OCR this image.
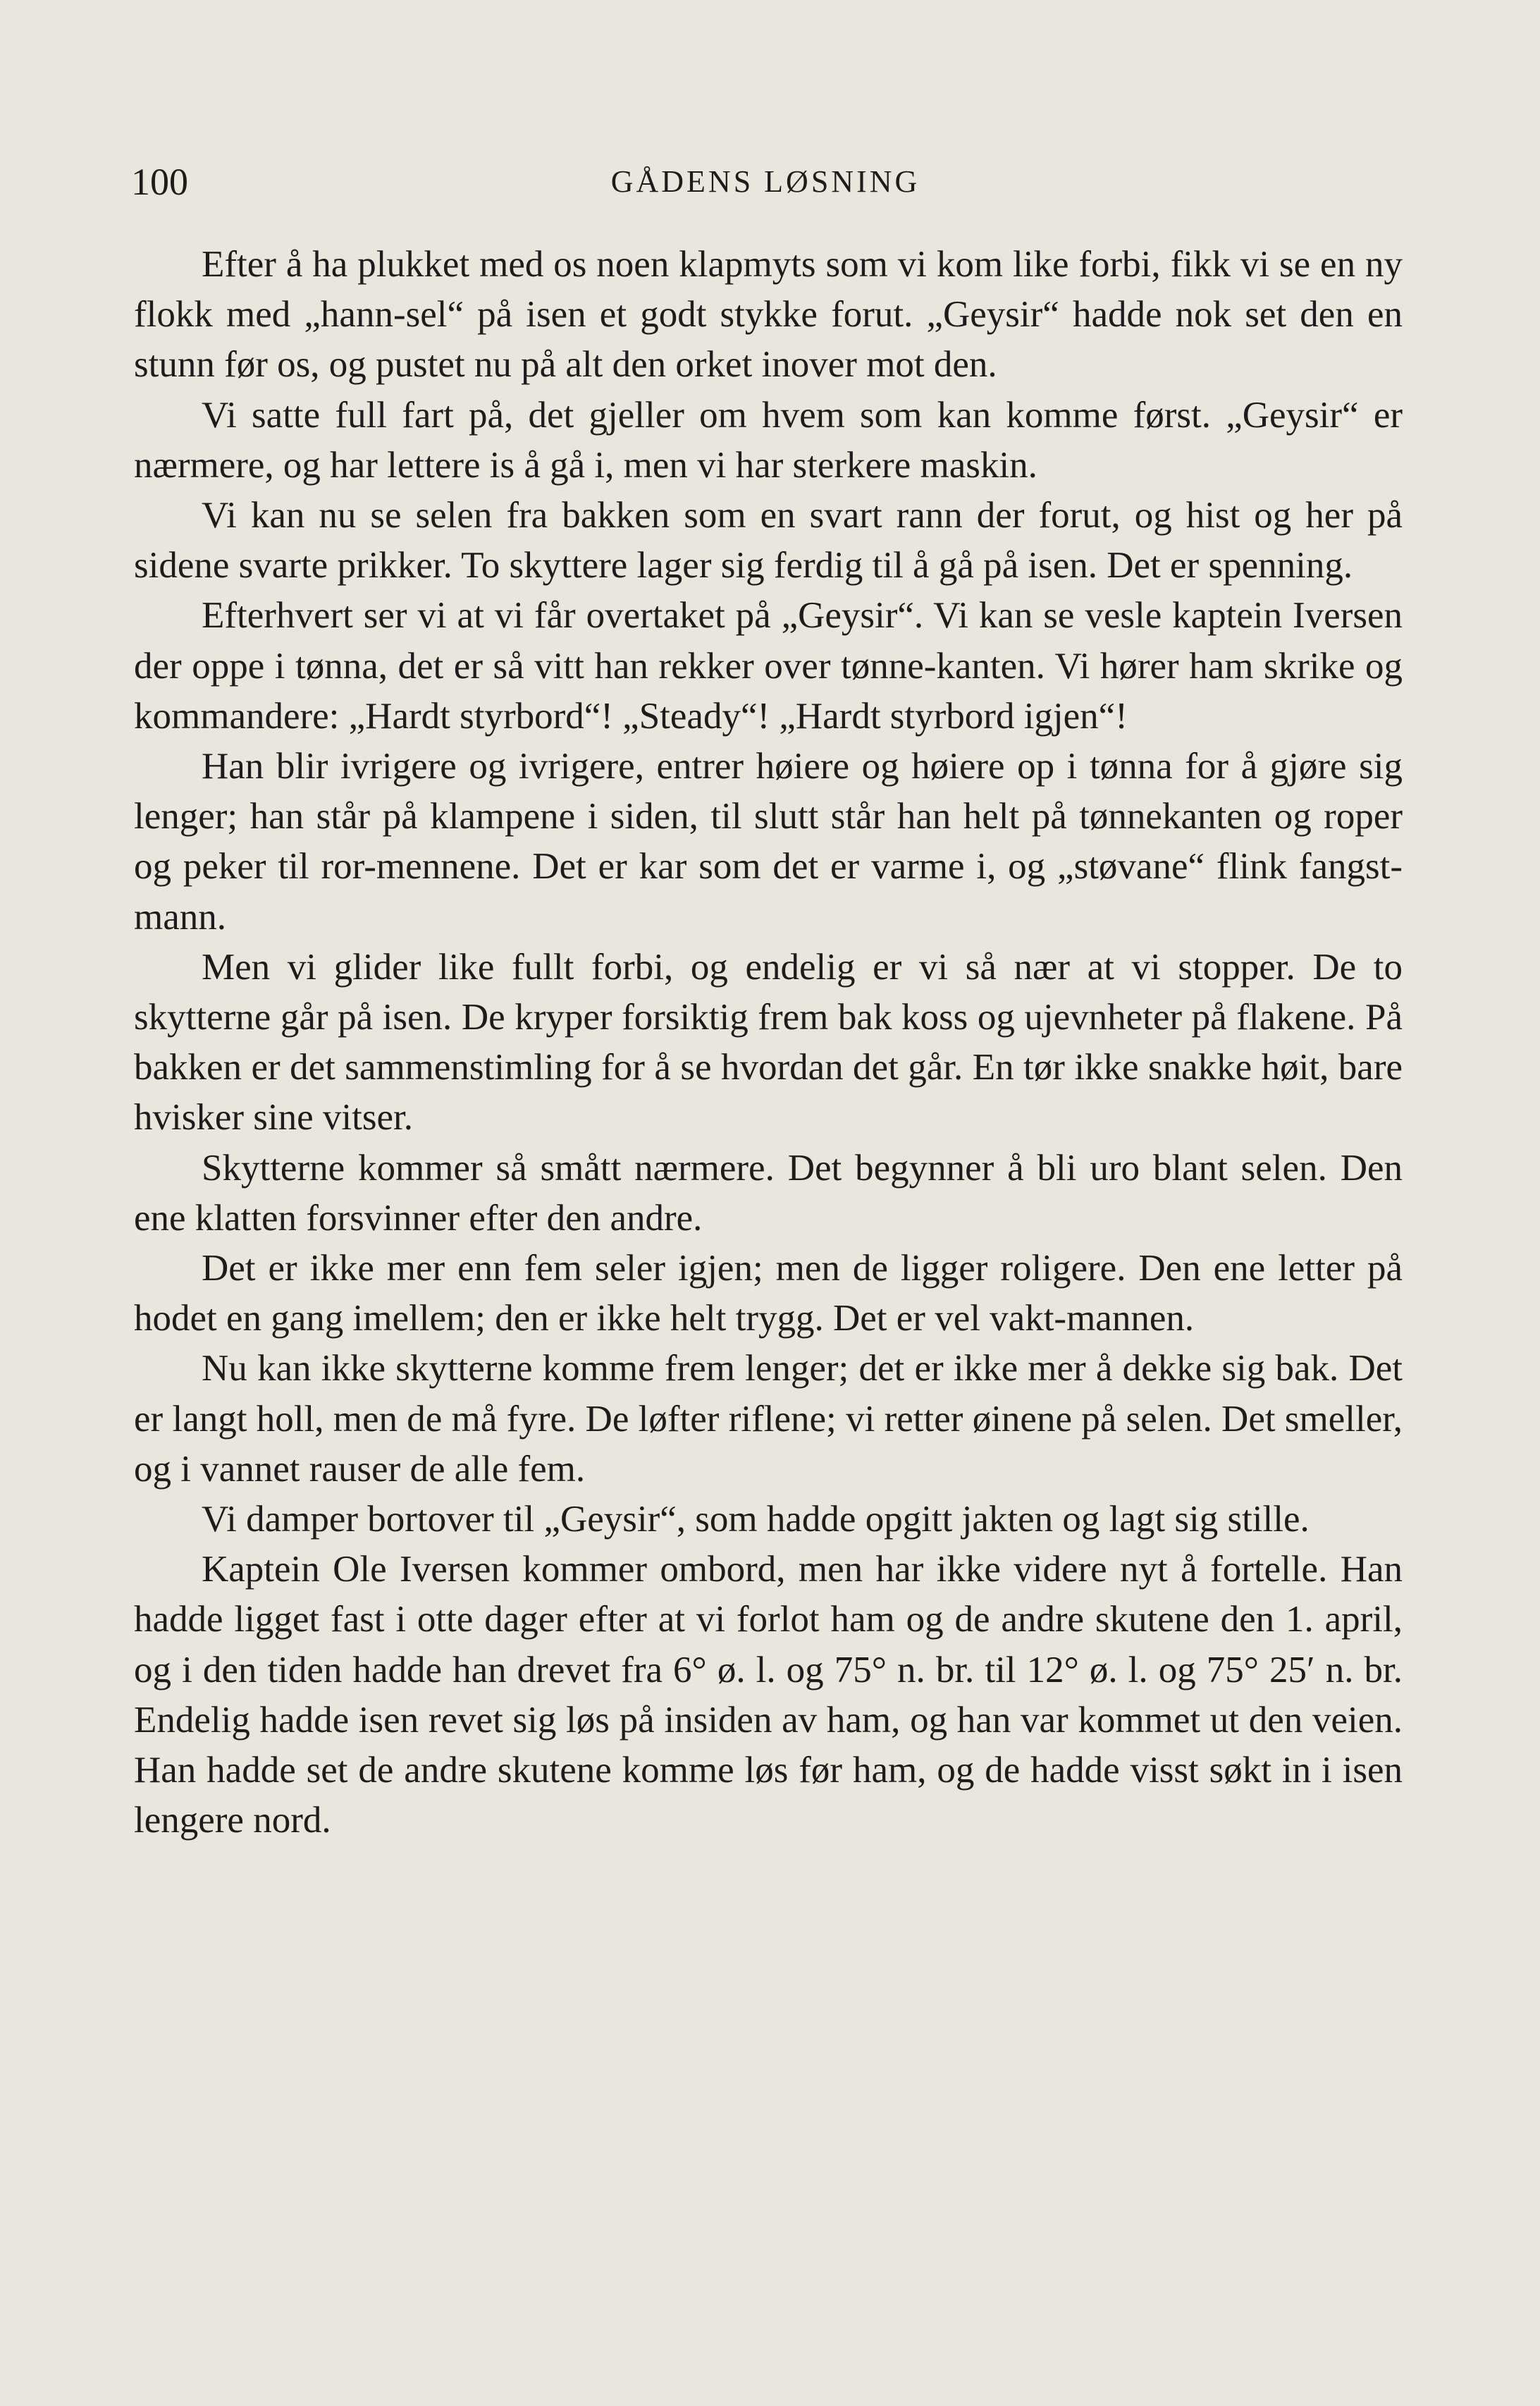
100	GÅDENS LØSNING

Efter å ha plukket med os noen klapmyts som vi kom like forbi, fikk vi se en ny flokk med „hann-sel“ på isen et godt stykke forut. „Geysir“ hadde nok set den en stunn før os, og pustet nu på alt den orket inover mot den.

Vi satte full fart på, det gjeller om hvem som kan komme først. „Geysir“ er nærmere, og har lettere is å gå i, men vi har sterkere maskin.

Vi kan nu se selen fra bakken som en svart rann der forut, og hist og her på sidene svarte prikker. To skyttere lager sig ferdig til å gå på isen. Det er spenning.

Efterhvert ser vi at vi får overtaket på „Geysir“. Vi kan se vesle kaptein Iversen der oppe i tønna, det er så vitt han rekker over tønne-kanten. Vi hører ham skrike og kommandere: „Hardt styrbord“! „Steady“! „Hardt styrbord igjen“!

Han blir ivrigere og ivrigere, entrer høiere og høiere op i tønna for å gjøre sig lenger; han står på klampene i siden, til slutt står han helt på tønnekanten og roper og peker til ror-mennene. Det er kar som det er varme i, og „støvane“ flink fangst-mann.

Men vi glider like fullt forbi, og endelig er vi så nær at vi stopper. De to skytterne går på isen. De kryper forsiktig frem bak koss og ujevnheter på flakene. På bakken er det sammenstimling for å se hvordan det går. En tør ikke snakke høit, bare hvisker sine vitser.

Skytterne kommer så smått nærmere. Det begynner å bli uro blant selen. Den ene klatten forsvinner efter den andre.

Det er ikke mer enn fem seler igjen; men de ligger roligere. Den ene letter på hodet en gang imellem; den er ikke helt trygg. Det er vel vakt-mannen.

Nu kan ikke skytterne komme frem lenger; det er ikke mer å dekke sig bak. Det er langt holl, men de må fyre. De løfter riflene; vi retter øinene på selen. Det smeller, og i vannet rauser de alle fem.

Vi damper bortover til „Geysir“, som hadde opgitt jakten og lagt sig stille.

Kaptein Ole Iversen kommer ombord, men har ikke videre nyt å fortelle. Han hadde ligget fast i otte dager efter at vi forlot ham og de andre skutene den 1. april, og i den tiden hadde han drevet fra 6° ø. l. og 75° n. br. til 12° ø. l. og 75° 25′ n. br. Endelig hadde isen revet sig løs på insiden av ham, og han var kommet ut den veien. Han hadde set de andre skutene komme løs før ham, og de hadde visst søkt in i isen lengere nord.
